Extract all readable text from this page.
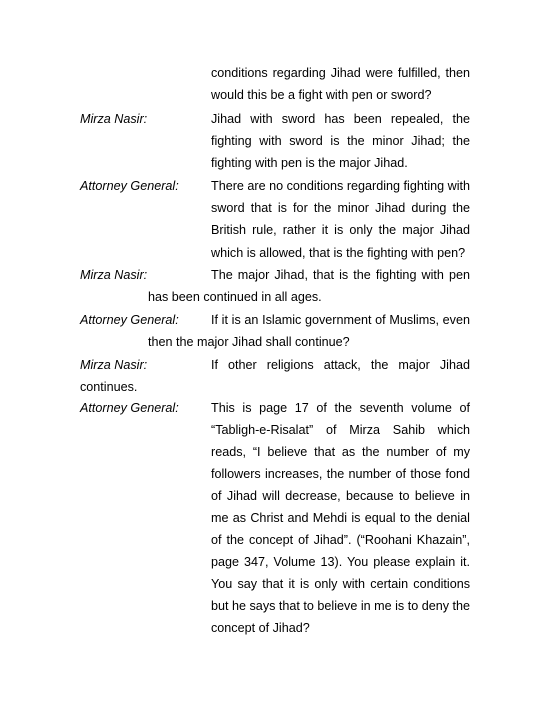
conditions regarding Jihad were fulfilled, then
would this be a fight with pen or sword?
Mirza Nasir:	Jihad with sword has been repealed, the
fighting with sword is the minor Jihad; the
fighting with pen is the major Jihad.
Attorney General:	There are no conditions regarding fighting with
sword that is for the minor Jihad during the
British rule, rather it is only the major Jihad
which is allowed, that is the fighting with pen?
Mirza Nasir:	The major Jihad, that is the fighting with pen
has been continued in all ages.
Attorney General:	If it is an Islamic government of Muslims, even
then the major Jihad shall continue?
Mirza Nasir:	If other religions attack, the major Jihad
continues.
Attorney General:	This is page 17 of the seventh volume of
“Tabligh-e-Risalat” of Mirza Sahib which
reads, “I believe that as the number of my
followers increases, the number of those fond
of Jihad will decrease, because to believe in
me as Christ and Mehdi is equal to the denial
of the concept of Jihad”. (“Roohani Khazain”,
page 347, Volume 13). You please explain it.
You say that it is only with certain conditions
but he says that to believe in me is to deny the
concept of Jihad?
